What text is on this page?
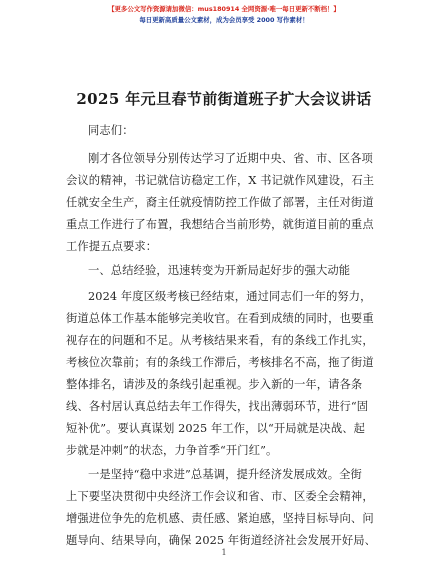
【更多公文写作资源请加微信：mus180914 全网资源·唯一每日更新不断档！】
每日更新高质量公文素材，成为会员享受 2000 写作素材！
2025 年元旦春节前街道班子扩大会议讲话
同志们：
刚才各位领导分别传达学习了近期中央、省、市、区各项
会议的精神，书记就信访稳定工作，X 书记就作风建设，石主
任就安全生产，裔主任就疫情防控工作做了部署，主任对街道
重点工作进行了布置，我想结合当前形势，就街道目前的重点
工作提五点要求：
一、总结经验，迅速转变为开新局起好步的强大动能
2024 年度区级考核已经结束，通过同志们一年的努力，
街道总体工作基本能够完美收官。在看到成绩的同时，也要重
视存在的问题和不足。从考核结果来看，有的条线工作扎实，
考核位次靠前；有的条线工作滞后，考核排名不高，拖了街道
整体排名，请涉及的条线引起重视。步入新的一年，请各条
线、各村居认真总结去年工作得失，找出薄弱环节，进行“固
短补优”。要认真谋划 2025 年工作，以“开局就是决战、起
步就是冲刺”的状态，力争首季“开门红”。
一是坚持“稳中求进”总基调，提升经济发展成效。全街
上下要坚决贯彻中央经济工作会议和省、市、区委全会精神，
增强进位争先的危机感、责任感、紧迫感，坚持目标导向、问
题导向、结果导向，确保 2025 年街道经济社会发展开好局、
1
